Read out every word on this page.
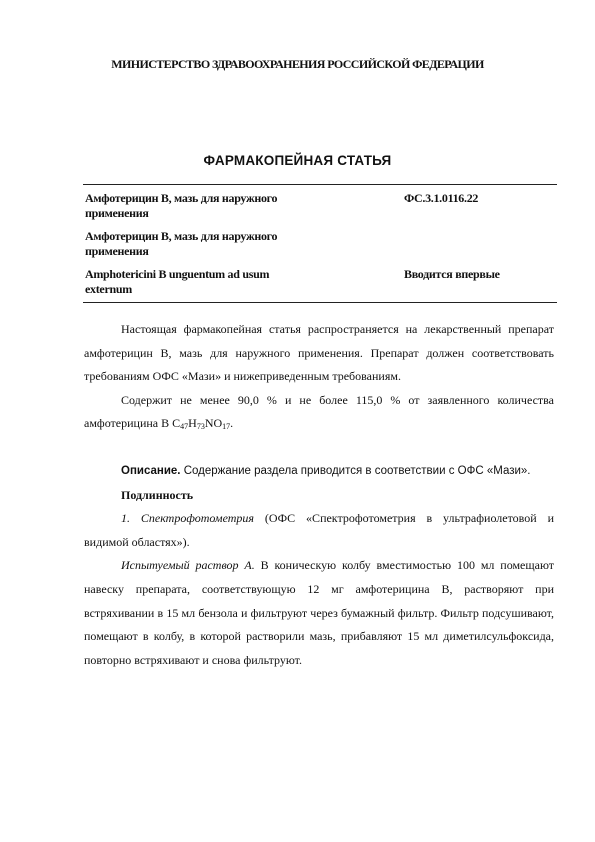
МИНИСТЕРСТВО ЗДРАВООХРАНЕНИЯ РОССИЙСКОЙ ФЕДЕРАЦИИ
ФАРМАКОПЕЙНАЯ СТАТЬЯ
Амфотерицин В, мазь для наружного
применения
ФС.3.1.0116.22
Амфотерицин В, мазь для наружного
применения
Amphotericini B unguentum ad usum
externum
Вводится впервые

Настоящая фармакопейная статья распространяется на лекарственный препарат амфотерицин В, мазь для наружного применения. Препарат должен соответствовать требованиям ОФС «Мази» и нижеприведенным требованиям.

Содержит не менее 90,0 % и не более 115,0 % от заявленного количества амфотерицина В $C_{47}H_{73}NO_{17}$.

Описание. Содержание раздела приводится в соответствии с ОФС «Мази».

Подлинность

1. Спектрофотометрия (ОФС «Спектрофотометрия в ультрафиолетовой и видимой областях»).

Испытуемый раствор А. В коническую колбу вместимостью 100 мл помещают навеску препарата, соответствующую 12 мг амфотерицина В, растворяют при встряхивании в 15 мл бензола и фильтруют через бумажный фильтр. Фильтр подсушивают, помещают в колбу, в которой растворили мазь, прибавляют 15 мл диметилсульфоксида, повторно встряхивают и снова фильтруют.
